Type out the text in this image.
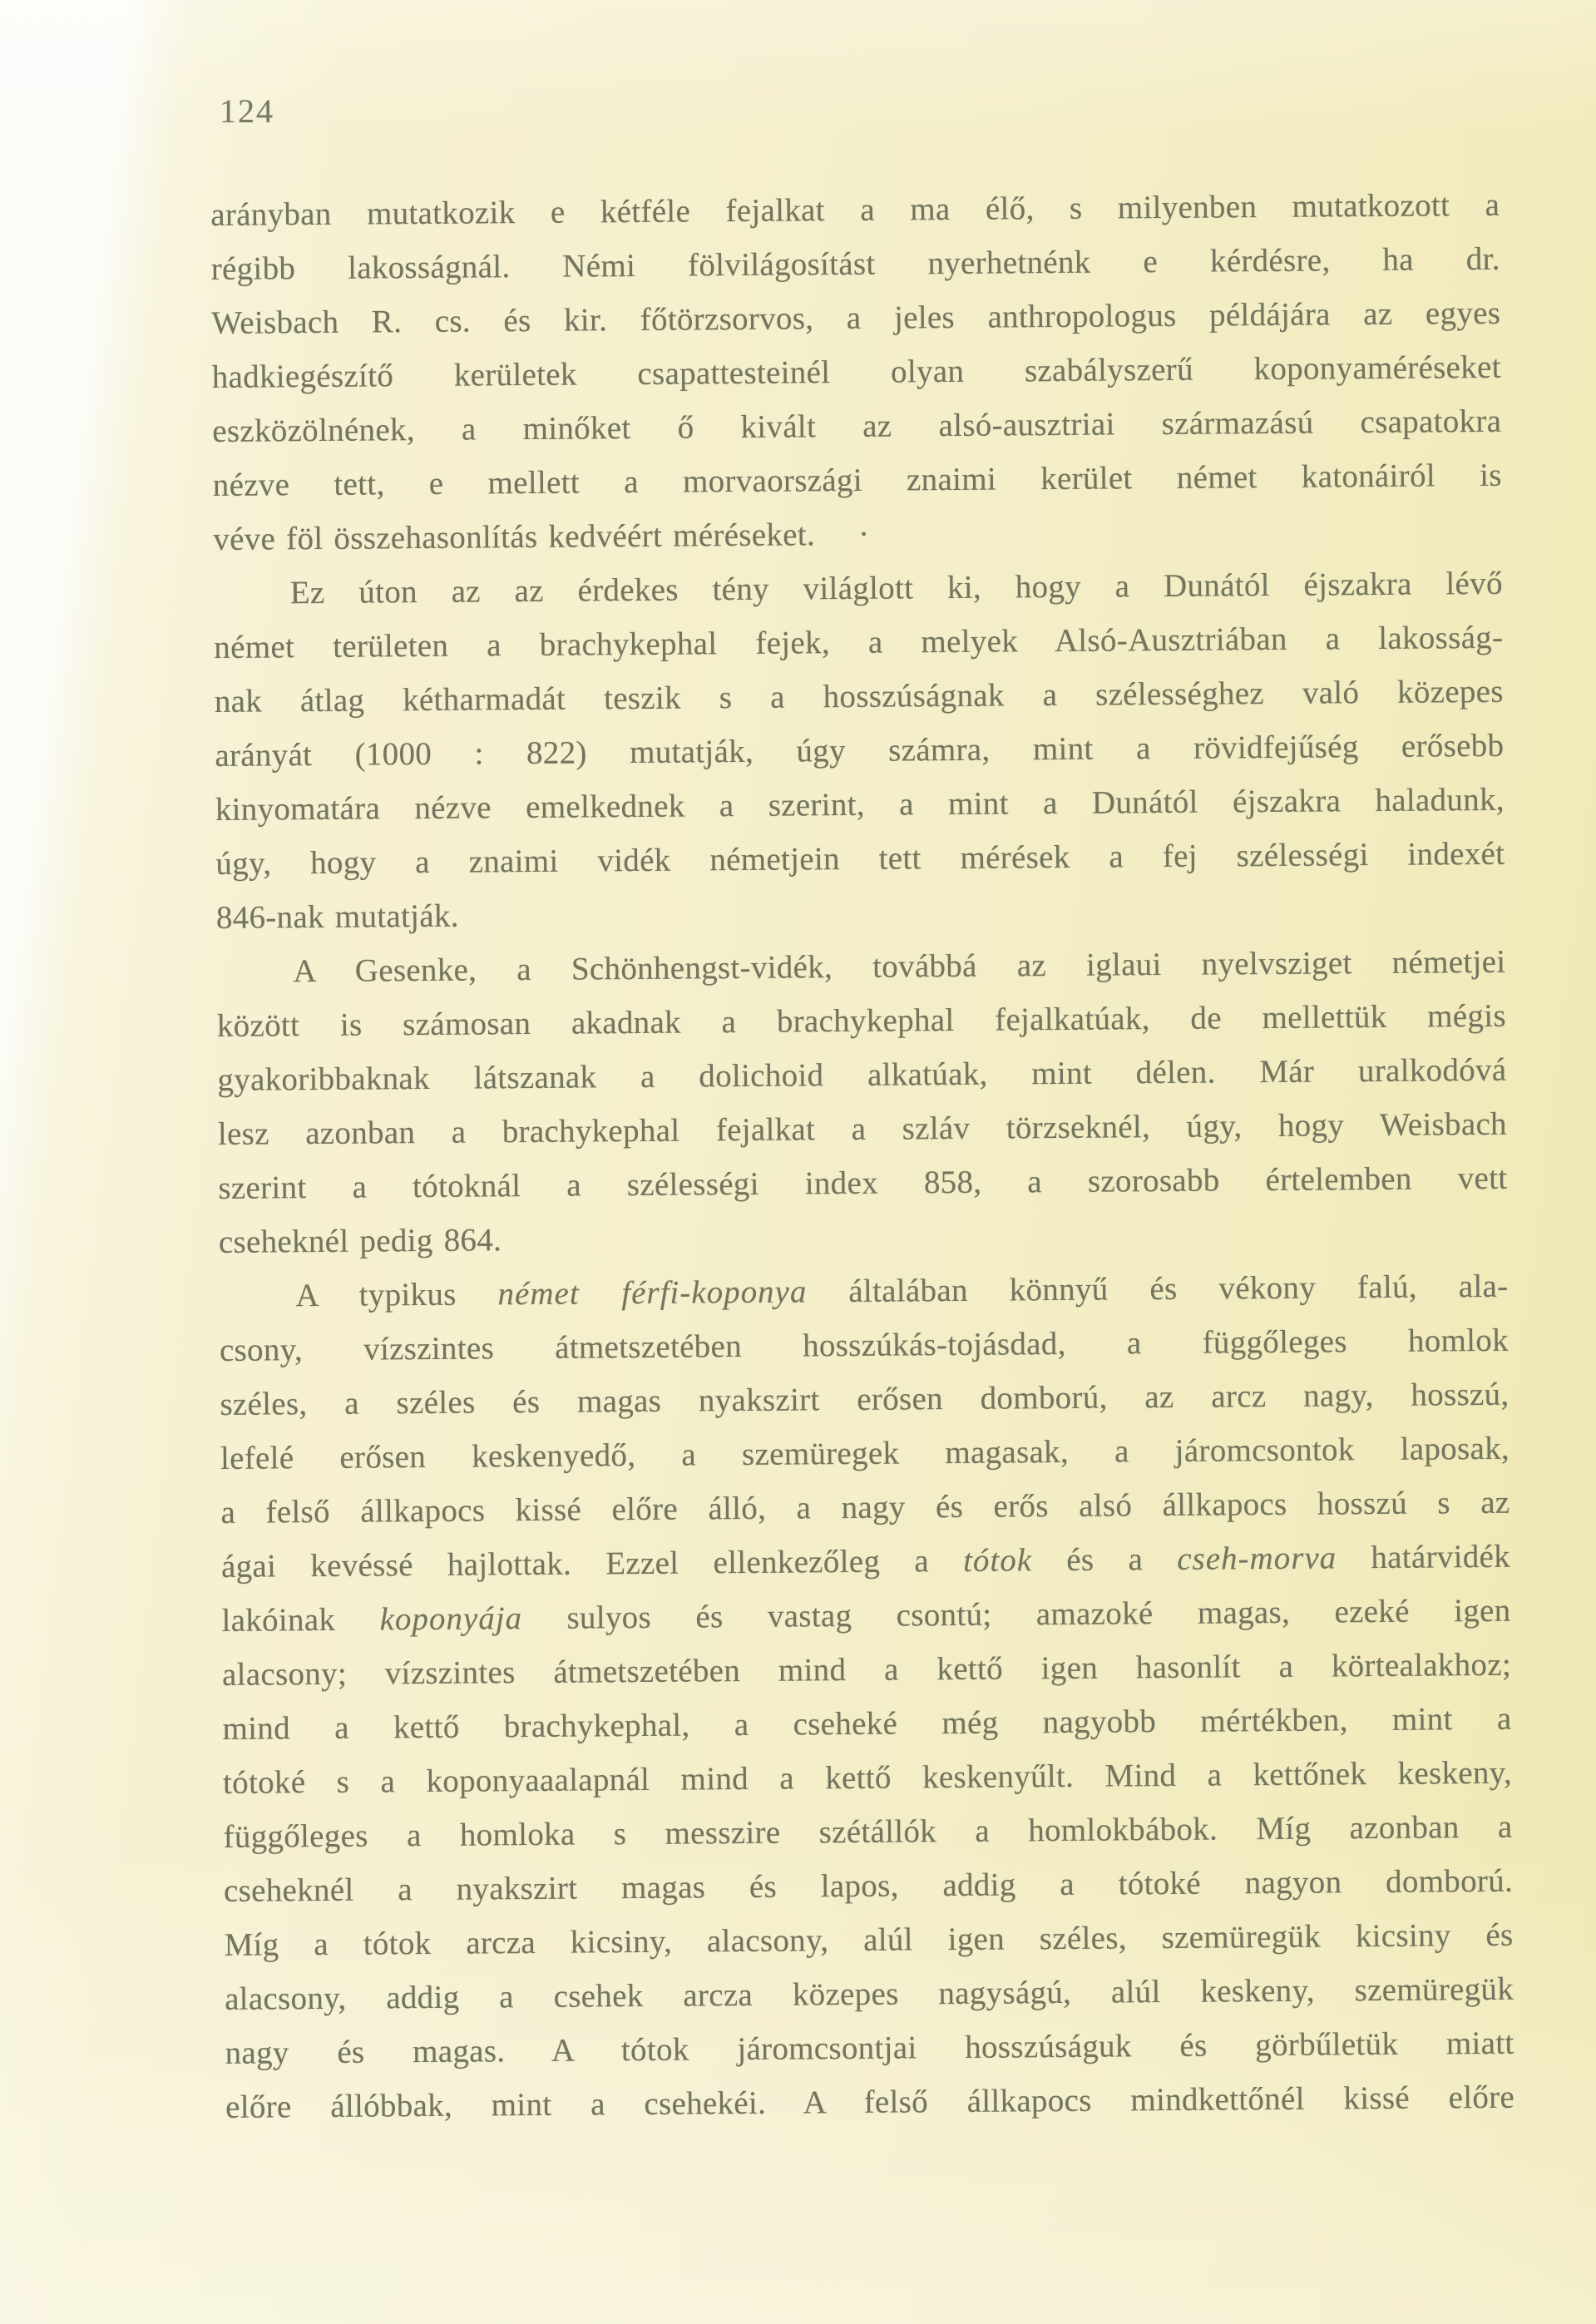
124
arányban mutatkozik e kétféle fejalkat a ma élő, s milyenben mutatkozott a
régibb lakosságnál. Némi fölvilágosítást nyerhetnénk e kérdésre, ha dr.
Weisbach R. cs. és kir. főtörzsorvos, a jeles anthropologus példájára az egyes
hadkiegészítő kerületek csapattesteinél olyan szabályszerű koponyaméréseket
eszközölnének, a minőket ő kivált az alsó-ausztriai származású csapatokra
nézve tett, e mellett a morvaországi znaimi kerület német katonáiról is
véve föl összehasonlítás kedvéért méréseket.    ·
Ez úton az az érdekes tény világlott ki, hogy a Dunától éjszakra lévő
német területen a brachykephal fejek, a melyek Alsó-Ausztriában a lakosság-
nak átlag kétharmadát teszik s a hosszúságnak a szélességhez való közepes
arányát (1000 : 822) mutatják, úgy számra, mint a rövidfejűség erősebb
kinyomatára nézve emelkednek a szerint, a mint a Dunától éjszakra haladunk,
úgy, hogy a znaimi vidék németjein tett mérések a fej szélességi indexét
846-nak mutatják.
A Gesenke, a Schönhengst-vidék, továbbá az iglaui nyelvsziget németjei
között is számosan akadnak a brachykephal fejalkatúak, de mellettük mégis
gyakoribbaknak látszanak a dolichoid alkatúak, mint délen. Már uralkodóvá
lesz azonban a brachykephal fejalkat a szláv törzseknél, úgy, hogy Weisbach
szerint a tótoknál a szélességi index 858, a szorosabb értelemben vett
cseheknél pedig 864.
A typikus német férfi-koponya általában könnyű és vékony falú, ala-
csony, vízszintes átmetszetében hosszúkás-tojásdad, a függőleges homlok
széles, a széles és magas nyakszirt erősen domború, az arcz nagy, hosszú,
lefelé erősen keskenyedő, a szemüregek magasak, a járomcsontok laposak,
a felső állkapocs kissé előre álló, a nagy és erős alsó állkapocs hosszú s az
ágai kevéssé hajlottak. Ezzel ellenkezőleg a tótok és a cseh-morva határvidék
lakóinak koponyája sulyos és vastag csontú; amazoké magas, ezeké igen
alacsony; vízszintes átmetszetében mind a kettő igen hasonlít a körtealakhoz;
mind a kettő brachykephal, a cseheké még nagyobb mértékben, mint a
tótoké s a koponyaaalapnál mind a kettő keskenyűlt. Mind a kettőnek keskeny,
függőleges a homloka s messzire szétállók a homlokbábok. Míg azonban a
cseheknél a nyakszirt magas és lapos, addig a tótoké nagyon domború.
Míg a tótok arcza kicsiny, alacsony, alúl igen széles, szemüregük kicsiny és
alacsony, addig a csehek arcza közepes nagyságú, alúl keskeny, szemüregük
nagy és magas. A tótok járomcsontjai hosszúságuk és görbűletük miatt
előre állóbbak, mint a csehekéi. A felső állkapocs mindkettőnél kissé előre
